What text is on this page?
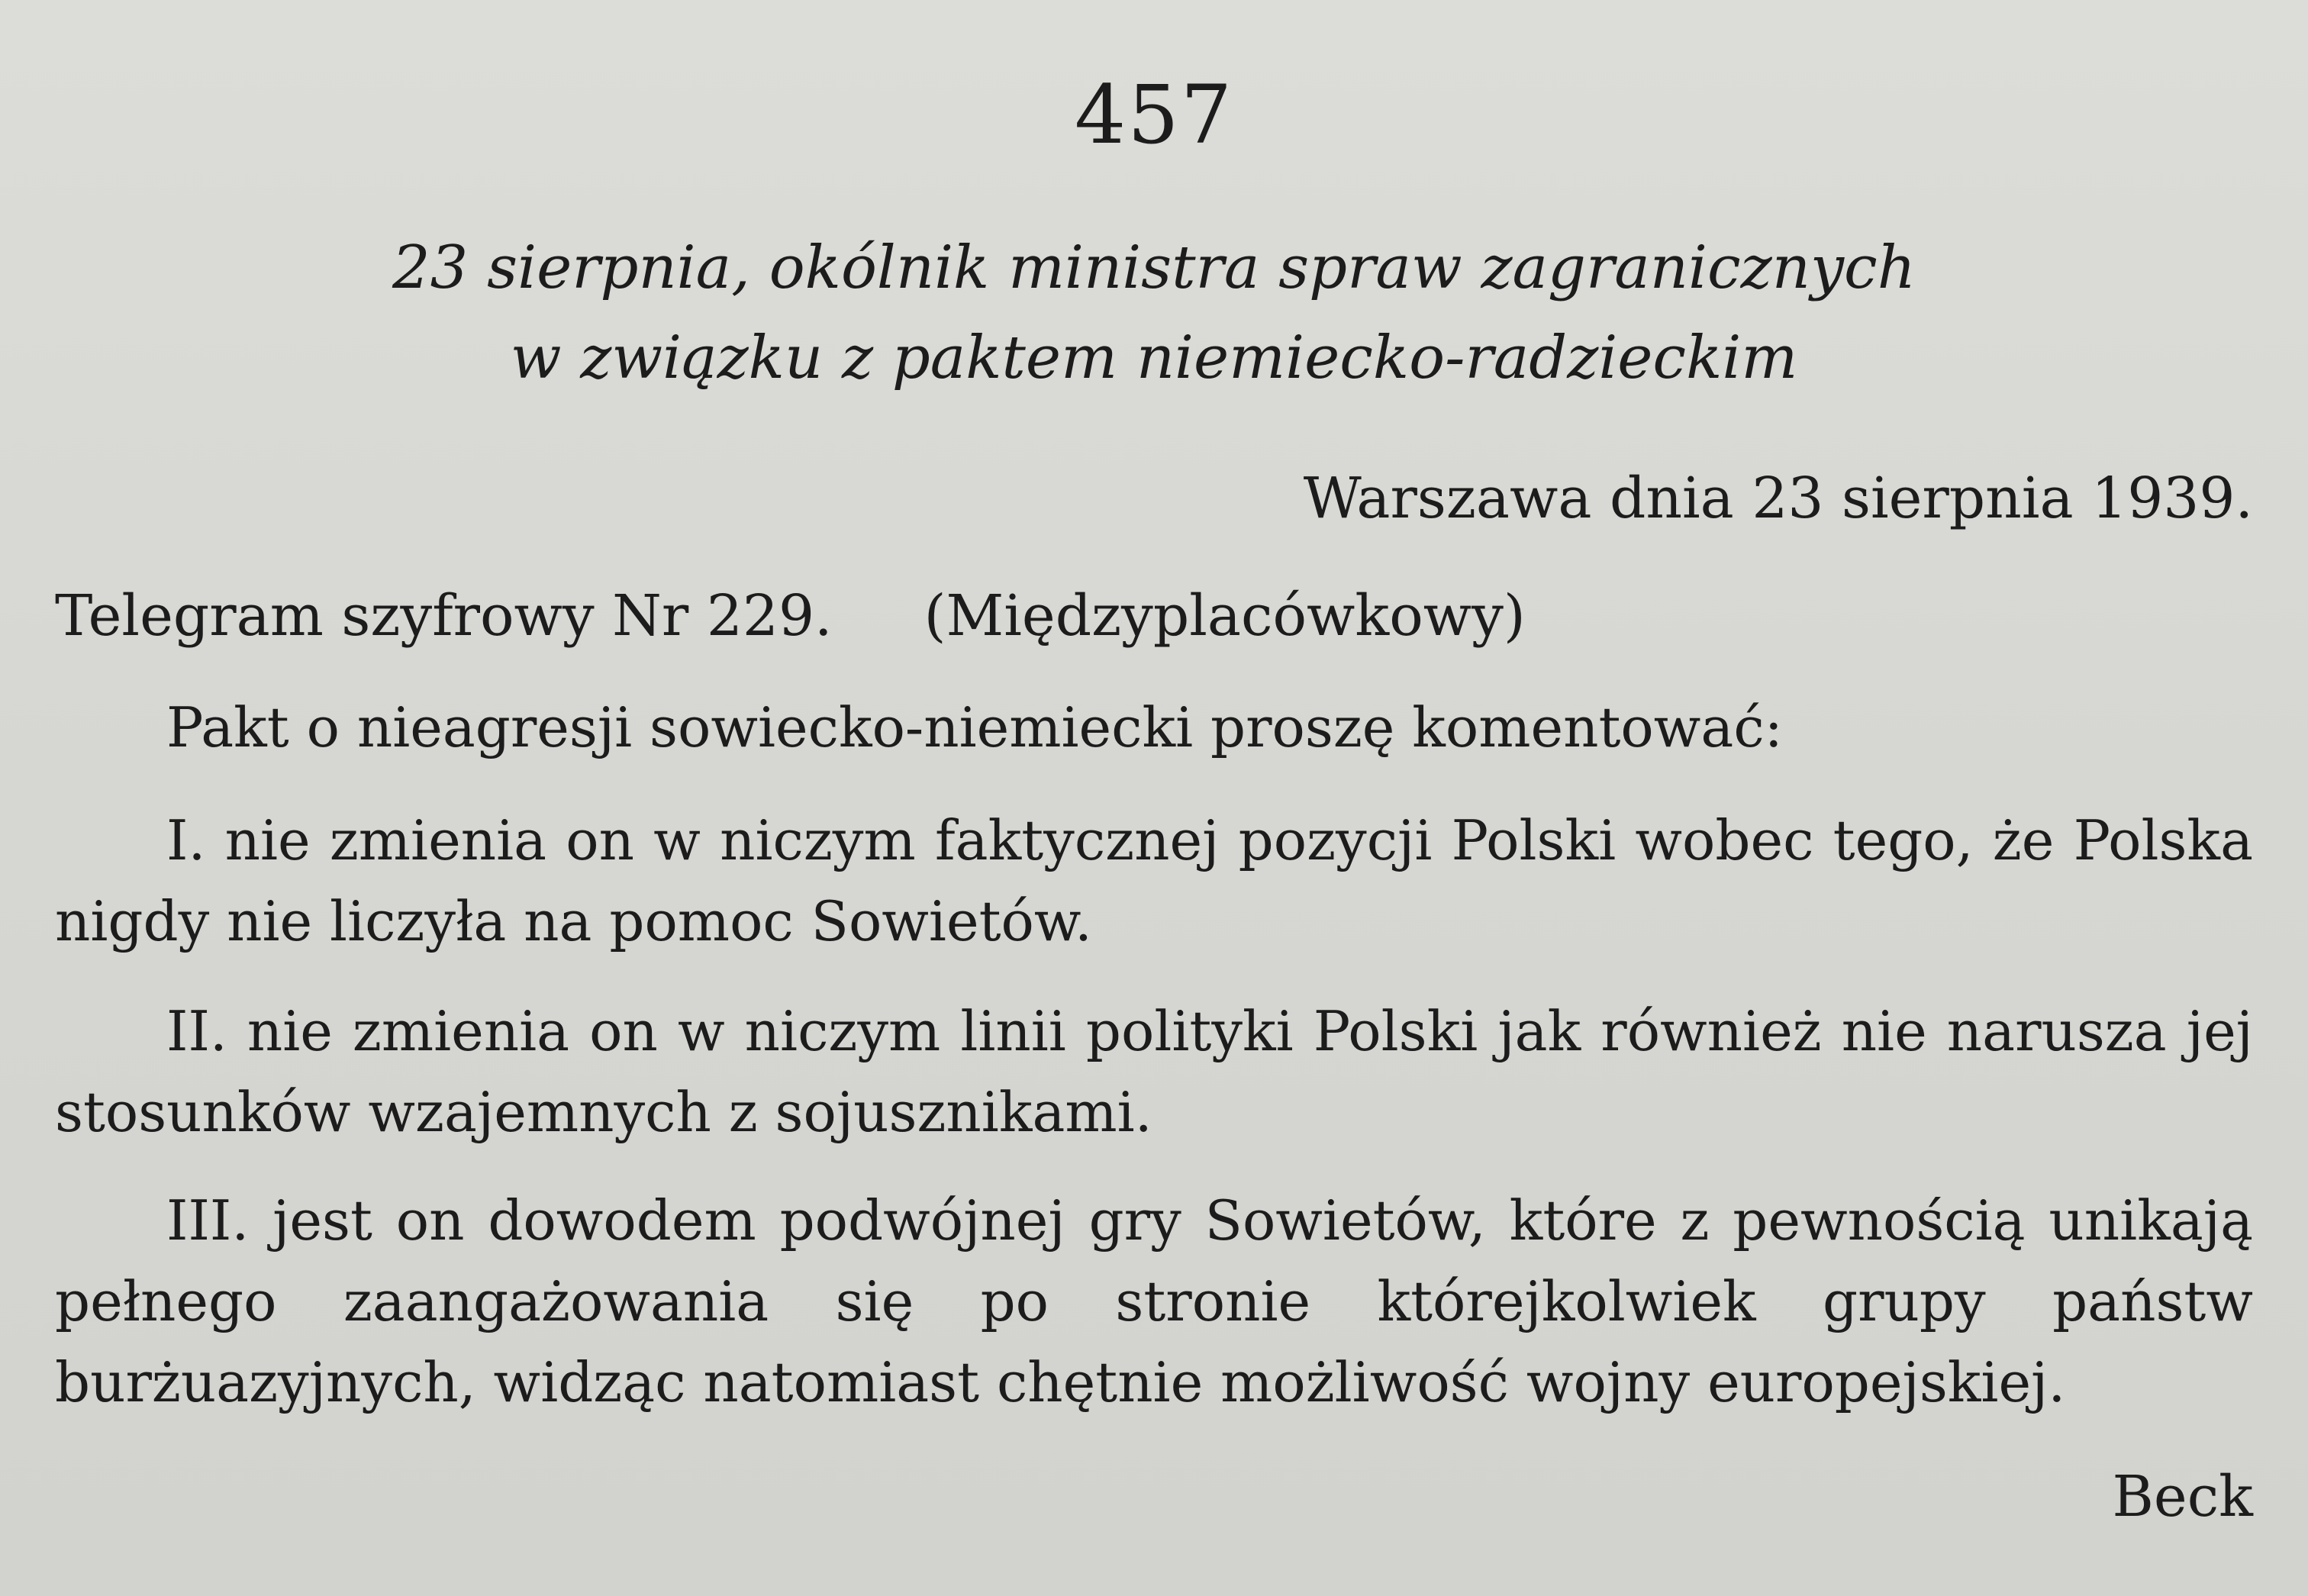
457
23 sierpnia, okólnik ministra spraw zagranicznych
w związku z paktem niemiecko-radzieckim
Warszawa dnia 23 sierpnia 1939.
Telegram szyfrowy Nr 229. (Międzyplacówkowy)
Pakt o nieagresji sowiecko-niemiecki proszę komentować:
I. nie zmienia on w niczym faktycznej pozycji Polski wobec tego, że Polska nigdy nie liczyła na pomoc Sowietów.
II. nie zmienia on w niczym linii polityki Polski jak również nie narusza jej stosunków wzajemnych z sojusznikami.
III. jest on dowodem podwójnej gry Sowietów, które z pewnością unikają pełnego zaangażowania się po stronie którejkolwiek grupy państw burżuazyjnych, widząc natomiast chętnie możliwość wojny europejskiej.
Beck
